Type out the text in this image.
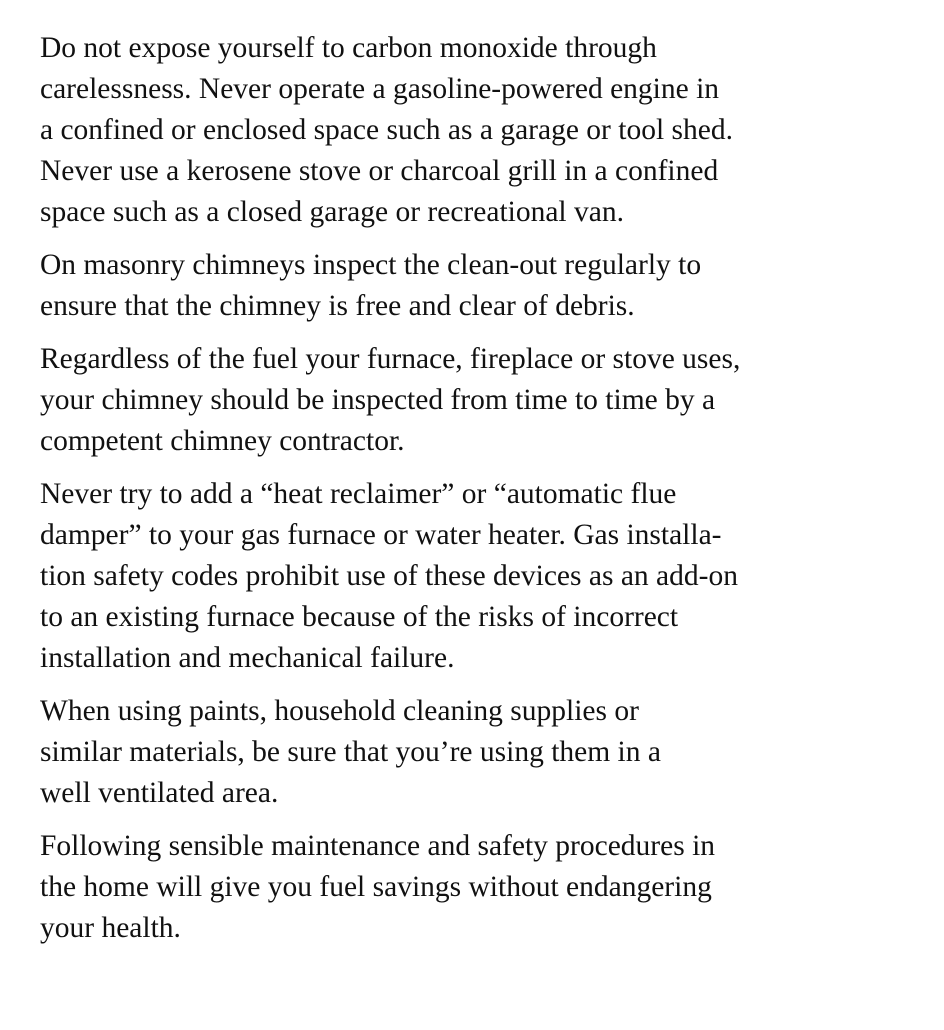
Do not expose yourself to carbon monoxide through
carelessness. Never operate a gasoline-powered engine in
a confined or enclosed space such as a garage or tool shed.
Never use a kerosene stove or charcoal grill in a confined
space such as a closed garage or recreational van.

On masonry chimneys inspect the clean-out regularly to
ensure that the chimney is free and clear of debris.

Regardless of the fuel your furnace, fireplace or stove uses,
your chimney should be inspected from time to time by a
competent chimney contractor.

Never try to add a “heat reclaimer” or “automatic flue
damper” to your gas furnace or water heater. Gas installa-
tion safety codes prohibit use of these devices as an add-on
to an existing furnace because of the risks of incorrect
installation and mechanical failure.

When using paints, household cleaning supplies or
similar materials, be sure that you’re using them in a
well ventilated area.

Following sensible maintenance and safety procedures in
the home will give you fuel savings without endangering
your health.
